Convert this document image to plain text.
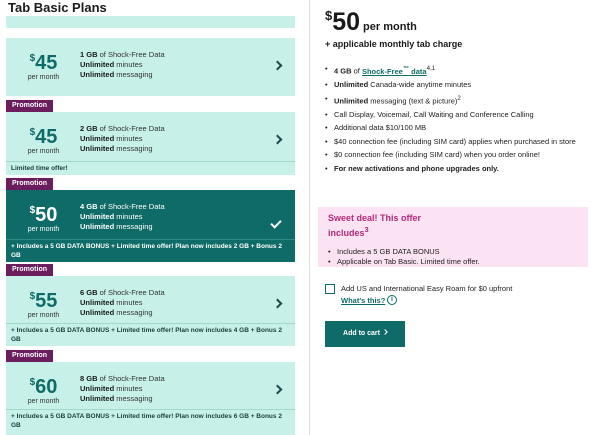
Tab Basic Plans
$45
per month
1 GB of Shock-Free Data
Unlimited minutes
Unlimited messaging
Promotion
$45
per month
2 GB of Shock-Free Data
Unlimited minutes
Unlimited messaging
Limited time offer!
Promotion
$50
per month
4 GB of Shock-Free Data
Unlimited minutes
Unlimited messaging
+ Includes a 5 GB DATA BONUS + Limited time offer! Plan now includes 2 GB + Bonus 2 GB
Promotion
$55
per month
6 GB of Shock-Free Data
Unlimited minutes
Unlimited messaging
+ Includes a 5 GB DATA BONUS + Limited time offer! Plan now includes 4 GB + Bonus 2 GB
Promotion
$60
per month
8 GB of Shock-Free Data
Unlimited minutes
Unlimited messaging
+ Includes a 5 GB DATA BONUS + Limited time offer! Plan now includes 6 GB + Bonus 2 GB
$50 per month
+ applicable monthly tab charge
• 4 GB of Shock-Free™ data$^{4,1}$
• Unlimited Canada-wide anytime minutes
• Unlimited messaging (text & picture)$^2$
• Call Display, Voicemail, Call Waiting and Conference Calling
• Additional data $10/100 MB
• $40 connection fee (including SIM card) applies when purchased in store
• $0 connection fee (including SIM card) when you order online!
• For new activations and phone upgrades only.
Sweet deal! This offer includes$^3$
• Includes a 5 GB DATA BONUS
• Applicable on Tab Basic. Limited time offer.
Add US and International Easy Roam for $0 upfront
What's this? i
Add to cart
